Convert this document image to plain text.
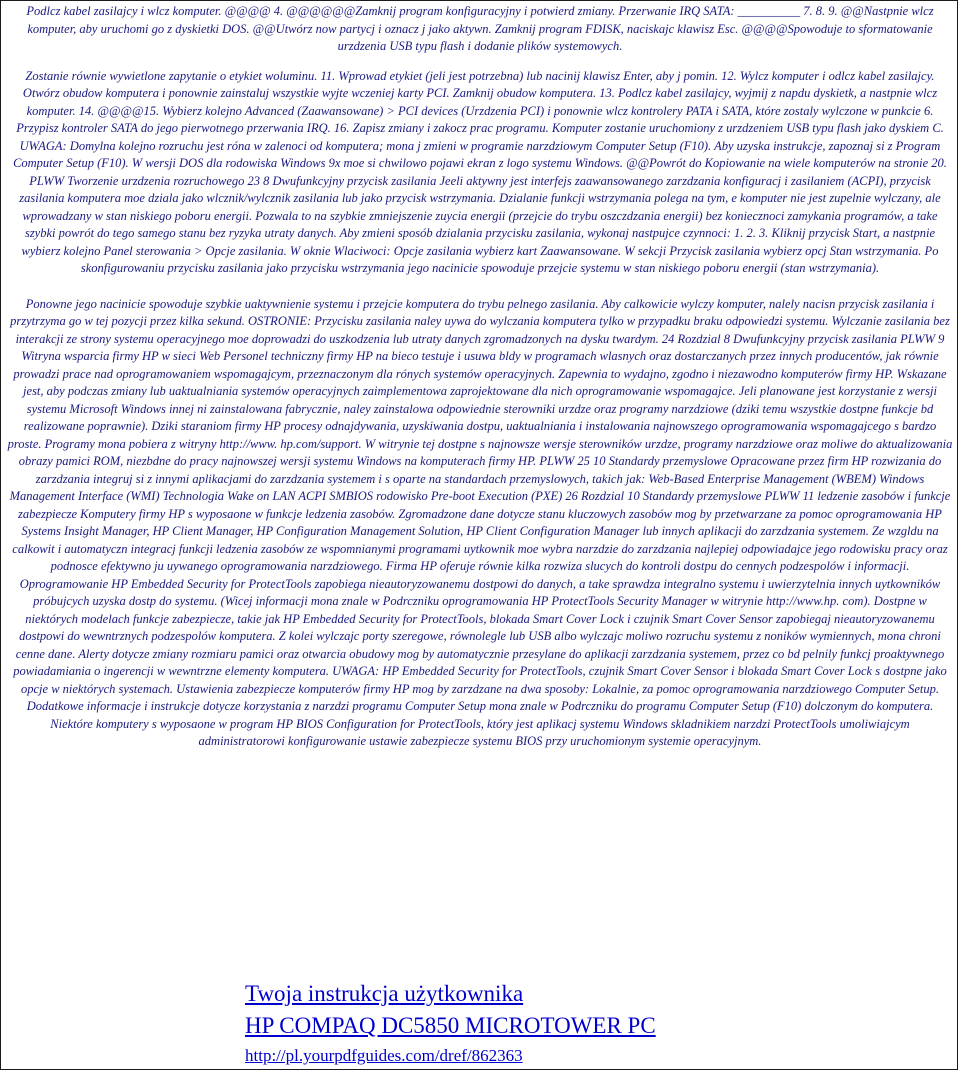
Podlcz kabel zasilajcy i wlcz komputer. @@@@ 4. @@@@@@Zamknij program konfiguracyjny i potwierd zmiany. Przerwanie IRQ SATA: __________ 7. 8. 9. @@Nastpnie wlcz komputer, aby uruchomi go z dyskietki DOS. @@Utwórz now partycj i oznacz j jako aktywn. Zamknij program FDISK, naciskajc klawisz Esc. @@@@Spowoduje to sformatowanie urzdzenia USB typu flash i dodanie plików systemowych.

Zostanie równie wywietlone zapytanie o etykiet woluminu. 11. Wprowad etykiet (jeli jest potrzebna) lub nacinij klawisz Enter, aby j pomin. 12. Wylcz komputer i odlcz kabel zasilajcy. Otwórz obudow komputera i ponownie zainstaluj wszystkie wyjte wczeniej karty PCI. Zamknij obudow komputera. 13. Podlcz kabel zasilajcy, wyjmij z napdu dyskietk, a nastpnie wlcz komputer. 14. @@@@15. Wybierz kolejno Advanced (Zaawansowane) > PCI devices (Urzdzenia PCI) i ponownie wlcz kontrolery PATA i SATA, które zostaly wylczone w punkcie 6. Przypisz kontroler SATA do jego pierwotnego przerwania IRQ. 16. Zapisz zmiany i zakocz prac programu. Komputer zostanie uruchomiony z urzdzeniem USB typu flash jako dyskiem C. UWAGA: Domylna kolejno rozruchu jest róna w zalenoci od komputera; mona j zmieni w programie narzdziowym Computer Setup (F10). Aby uzyska instrukcje, zapoznaj si z Program Computer Setup (F10). W wersji DOS dla rodowiska Windows 9x moe si chwilowo pojawi ekran z logo systemu Windows. @@Powrót do Kopiowanie na wiele komputerów na stronie 20. PLWW Tworzenie urzdzenia rozruchowego 23 8 Dwufunkcyjny przycisk zasilania Jeeli aktywny jest interfejs zaawansowanego zarzdzania konfiguracj i zasilaniem (ACPI), przycisk zasilania komputera moe dziala jako wlcznik/wylcznik zasilania lub jako przycisk wstrzymania. Dzialanie funkcji wstrzymania polega na tym, e komputer nie jest zupelnie wylczany, ale wprowadzany w stan niskiego poboru energii. Pozwala to na szybkie zmniejszenie zuycia energii (przejcie do trybu oszczdzania energii) bez koniecznoci zamykania programów, a take szybki powrót do tego samego stanu bez ryzyka utraty danych. Aby zmieni sposób dzialania przycisku zasilania, wykonaj nastpujce czynnoci: 1. 2. 3. Kliknij przycisk Start, a nastpnie wybierz kolejno Panel sterowania > Opcje zasilania. W oknie Wlaciwoci: Opcje zasilania wybierz kart Zaawansowane. W sekcji Przycisk zasilania wybierz opcj Stan wstrzymania. Po skonfigurowaniu przycisku zasilania jako przycisku wstrzymania jego nacinicie spowoduje przejcie systemu w stan niskiego poboru energii (stan wstrzymania).

Ponowne jego nacinicie spowoduje szybkie uaktywnienie systemu i przejcie komputera do trybu pelnego zasilania. Aby calkowicie wylczy komputer, nalely nacisn przycisk zasilania i przytrzyma go w tej pozycji przez kilka sekund. OSTRONIE: Przycisku zasilania naley uywa do wylczania komputera tylko w przypadku braku odpowiedzi systemu. Wylczanie zasilania bez interakcji ze strony systemu operacyjnego moe doprowadzi do uszkodzenia lub utraty danych zgromadzonych na dysku twardym. 24 Rozdzial 8 Dwufunkcyjny przycisk zasilania PLWW 9 Witryna wsparcia firmy HP w sieci Web Personel techniczny firmy HP na bieco testuje i usuwa bldy w programach wlasnych oraz dostarczanych przez innych producentów, jak równie prowadzi prace nad oprogramowaniem wspomagajcym, przeznaczonym dla rónych systemów operacyjnych. Zapewnia to wydajno, zgodno i niezawodno komputerów firmy HP. Wskazane jest, aby podczas zmiany lub uaktualniania systemów operacyjnych zaimplementowa zaprojektowane dla nich oprogramowanie wspomagajce. Jeli planowane jest korzystanie z wersji systemu Microsoft Windows innej ni zainstalowana fabrycznie, naley zainstalowa odpowiednie sterowniki urzdze oraz programy narzdziowe (dziki temu wszystkie dostpne funkcje bd realizowane poprawnie). Dziki staraniom firmy HP procesy odnajdywania, uzyskiwania dostpu, uaktualniania i instalowania najnowszego oprogramowania wspomagajcego s bardzo proste. Programy mona pobiera z witryny http://www. hp.com/support. W witrynie tej dostpne s najnowsze wersje sterowników urzdze, programy narzdziowe oraz moliwe do aktualizowania obrazy pamici ROM, niezbdne do pracy najnowszej wersji systemu Windows na komputerach firmy HP. PLWW 25 10 Standardy przemyslowe Opracowane przez firm HP rozwizania do zarzdzania integruj si z innymi aplikacjami do zarzdzania systemem i s oparte na standardach przemyslowych, takich jak: Web-Based Enterprise Management (WBEM) Windows Management Interface (WMI) Technologia Wake on LAN ACPI SMBIOS rodowisko Pre-boot Execution (PXE) 26 Rozdzial 10 Standardy przemyslowe PLWW 11 ledzenie zasobów i funkcje zabezpiecze Komputery firmy HP s wyposaone w funkcje ledzenia zasobów. Zgromadzone dane dotycze stanu kluczowych zasobów mog by przetwarzane za pomoc oprogramowania HP Systems Insight Manager, HP Client Manager, HP Configuration Management Solution, HP Client Configuration Manager lub innych aplikacji do zarzdzania systemem. Ze wzgldu na calkowit i automatyczn integracj funkcji ledzenia zasobów ze wspomnianymi programami uytkownik moe wybra narzdzie do zarzdzania najlepiej odpowiadajce jego rodowisku pracy oraz podnosce efektywno ju uywanego oprogramowania narzdziowego. Firma HP oferuje równie kilka rozwiza slucych do kontroli dostpu do cennych podzespolów i informacji. Oprogramowanie HP Embedded Security for ProtectTools zapobiega nieautoryzowanemu dostpowi do danych, a take sprawdza integralno systemu i uwierzytelnia innych uytkowników próbujcych uzyska dostp do systemu. (Wicej informacji mona znale w Podrczniku oprogramowania HP ProtectTools Security Manager w witrynie http://www.hp. com). Dostpne w niektórych modelach funkcje zabezpiecze, takie jak HP Embedded Security for ProtectTools, blokada Smart Cover Lock i czujnik Smart Cover Sensor zapobiegaj nieautoryzowanemu dostpowi do wewntrznych podzespolów komputera. Z kolei wylczajc porty szeregowe, równolegle lub USB albo wylczajc moliwo rozruchu systemu z noników wymiennych, mona chroni cenne dane. Alerty dotycze zmiany rozmiaru pamici oraz otwarcia obudowy mog by automatycznie przesylane do aplikacji zarzdzania systemem, przez co bd pelnily funkcj proaktywnego powiadamiania o ingerencji w wewntrzne elementy komputera. UWAGA: HP Embedded Security for ProtectTools, czujnik Smart Cover Sensor i blokada Smart Cover Lock s dostpne jako opcje w niektórych systemach. Ustawienia zabezpiecze komputerów firmy HP mog by zarzdzane na dwa sposoby: Lokalnie, za pomoc oprogramowania narzdziowego Computer Setup. Dodatkowe informacje i instrukcje dotycze korzystania z narzdzi programu Computer Setup mona znale w Podrczniku do programu Computer Setup (F10) dolczonym do komputera. Niektóre komputery s wyposaone w program HP BIOS Configuration for ProtectTools, który jest aplikacj systemu Windows skladnikiem narzdzi ProtectTools umoliwiajcym administratorowi konfigurowanie ustawie zabezpiecze systemu BIOS przy uruchomionym systemie operacyjnym.

Twoja instrukcja użytkownika
HP COMPAQ DC5850 MICROTOWER PC
http://pl.yourpdfguides.com/dref/862363
